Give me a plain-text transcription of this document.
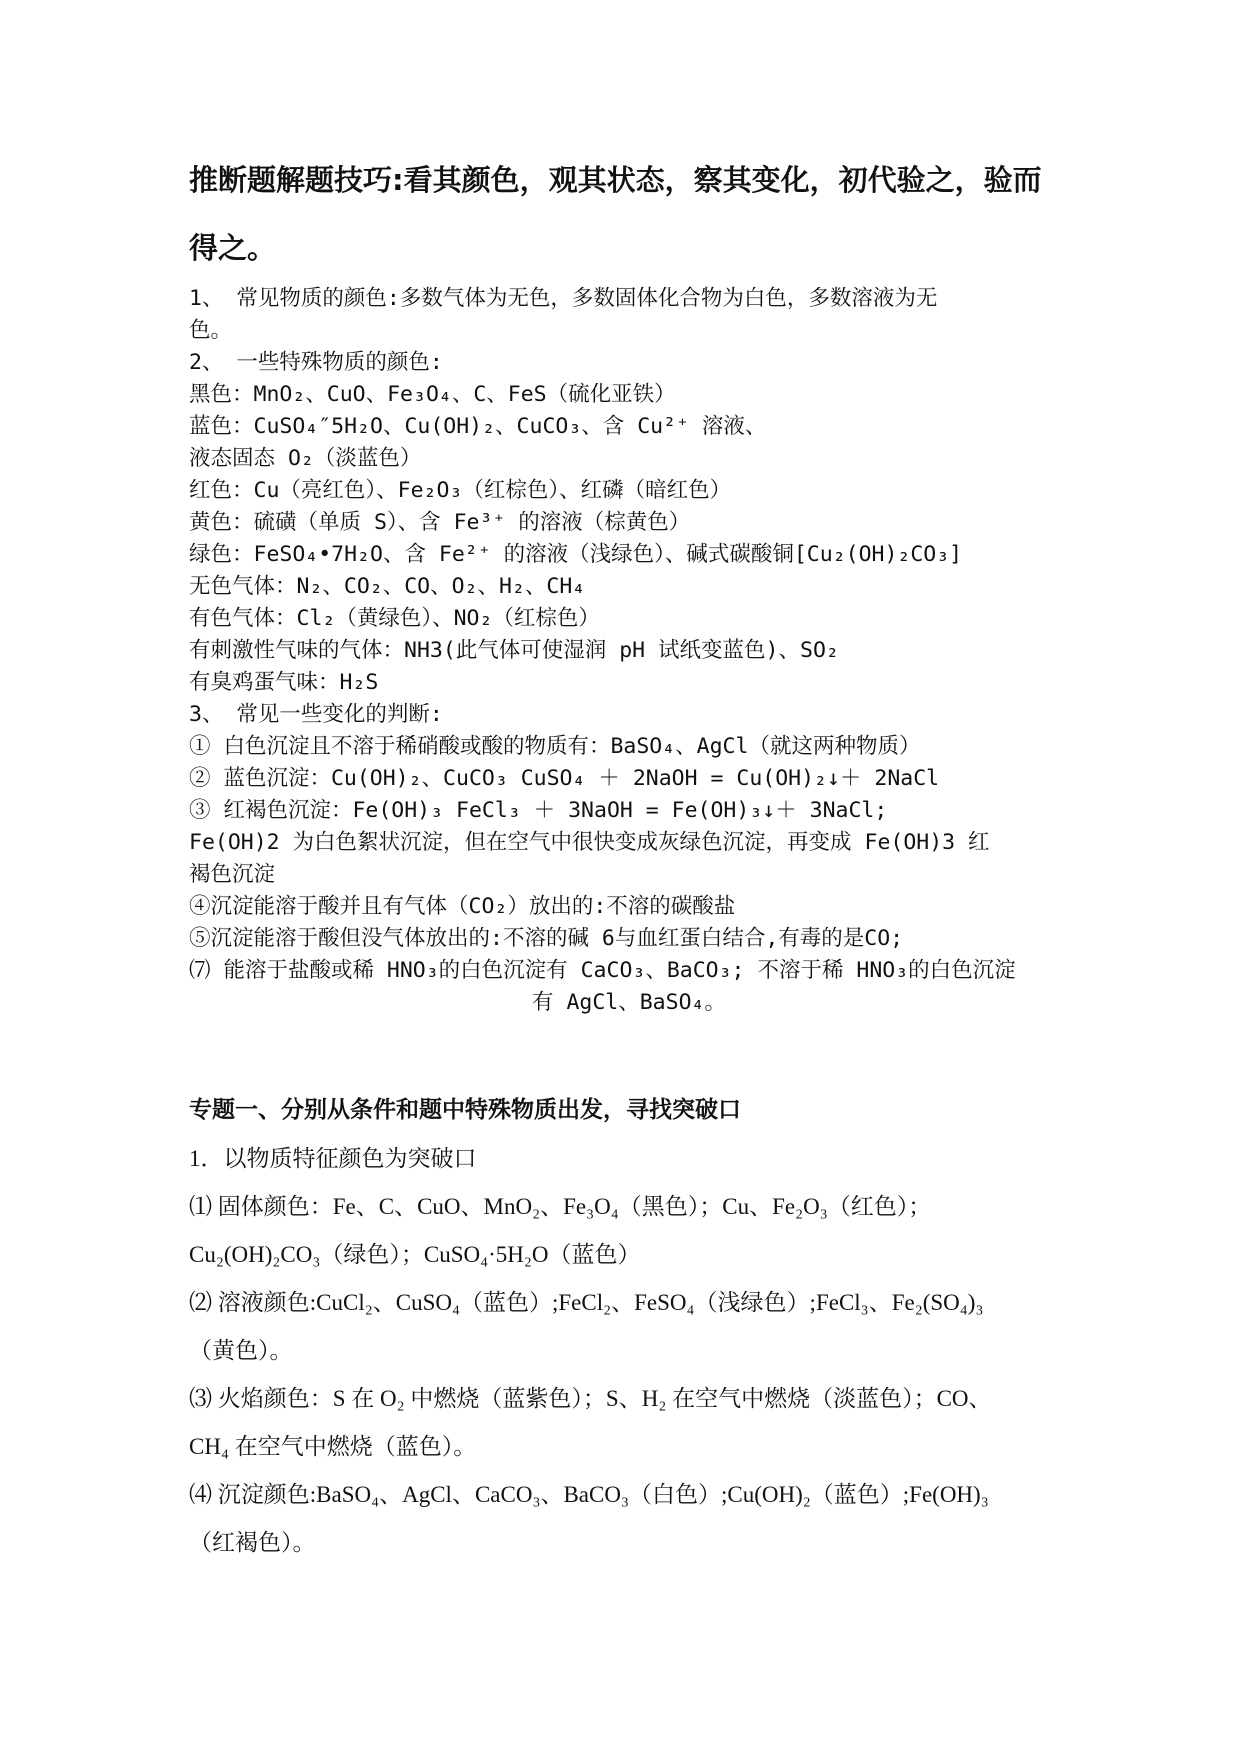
推断题解题技巧:看其颜色，观其状态，察其变化，初代验之，验而
得之。
1、 常见物质的颜色:多数气体为无色，多数固体化合物为白色，多数溶液为无
色。
2、 一些特殊物质的颜色:
黑色：MnO₂、CuO、Fe₃O₄、C、FeS（硫化亚铁）
蓝色：CuSO₄″5H₂O、Cu(OH)₂、CuCO₃、含 Cu²⁺ 溶液、
液态固态 O₂（淡蓝色）
红色：Cu（亮红色）、Fe₂O₃（红棕色）、红磷（暗红色）
黄色：硫磺（单质 S）、含 Fe³⁺ 的溶液（棕黄色）
绿色：FeSO₄•7H₂O、含 Fe²⁺ 的溶液（浅绿色）、碱式碳酸铜[Cu₂(OH)₂CO₃]
无色气体：N₂、CO₂、CO、O₂、H₂、CH₄
有色气体：Cl₂（黄绿色）、NO₂（红棕色）
有刺激性气味的气体：NH3(此气体可使湿润 pH 试纸变蓝色)、SO₂
有臭鸡蛋气味：H₂S
3、 常见一些变化的判断:
① 白色沉淀且不溶于稀硝酸或酸的物质有：BaSO₄、AgCl（就这两种物质）
② 蓝色沉淀：Cu(OH)₂、CuCO₃ CuSO₄ ＋ 2NaOH = Cu(OH)₂↓＋ 2NaCl
③ 红褐色沉淀：Fe(OH)₃ FeCl₃ ＋ 3NaOH = Fe(OH)₃↓＋ 3NaCl;
Fe(OH)2 为白色絮状沉淀，但在空气中很快变成灰绿色沉淀，再变成 Fe(OH)3 红
褐色沉淀
④沉淀能溶于酸并且有气体（CO₂）放出的:不溶的碳酸盐
⑤沉淀能溶于酸但没气体放出的:不溶的碱 6与血红蛋白结合,有毒的是CO;
⑺ 能溶于盐酸或稀 HNO₃的白色沉淀有 CaCO₃、BaCO₃; 不溶于稀 HNO₃的白色沉淀
有 AgCl、BaSO₄。
专题一、分别从条件和题中特殊物质出发，寻找突破口
1．以物质特征颜色为突破口
⑴ 固体颜色：Fe、C、CuO、MnO₂、Fe₃O₄（黑色）；Cu、Fe₂O₃（红色）；
Cu₂(OH)₂CO₃（绿色）；CuSO₄·5H₂O（蓝色）
⑵ 溶液颜色:CuCl₂、CuSO₄（蓝色）;FeCl₂、FeSO₄（浅绿色）;FeCl₃、Fe₂(SO₄)₃
（黄色）。
⑶ 火焰颜色：S 在 O₂ 中燃烧（蓝紫色）；S、H₂ 在空气中燃烧（淡蓝色）；CO、
CH₄ 在空气中燃烧（蓝色）。
⑷ 沉淀颜色:BaSO₄、AgCl、CaCO₃、BaCO₃（白色）;Cu(OH)₂（蓝色）;Fe(OH)₃
（红褐色）。
